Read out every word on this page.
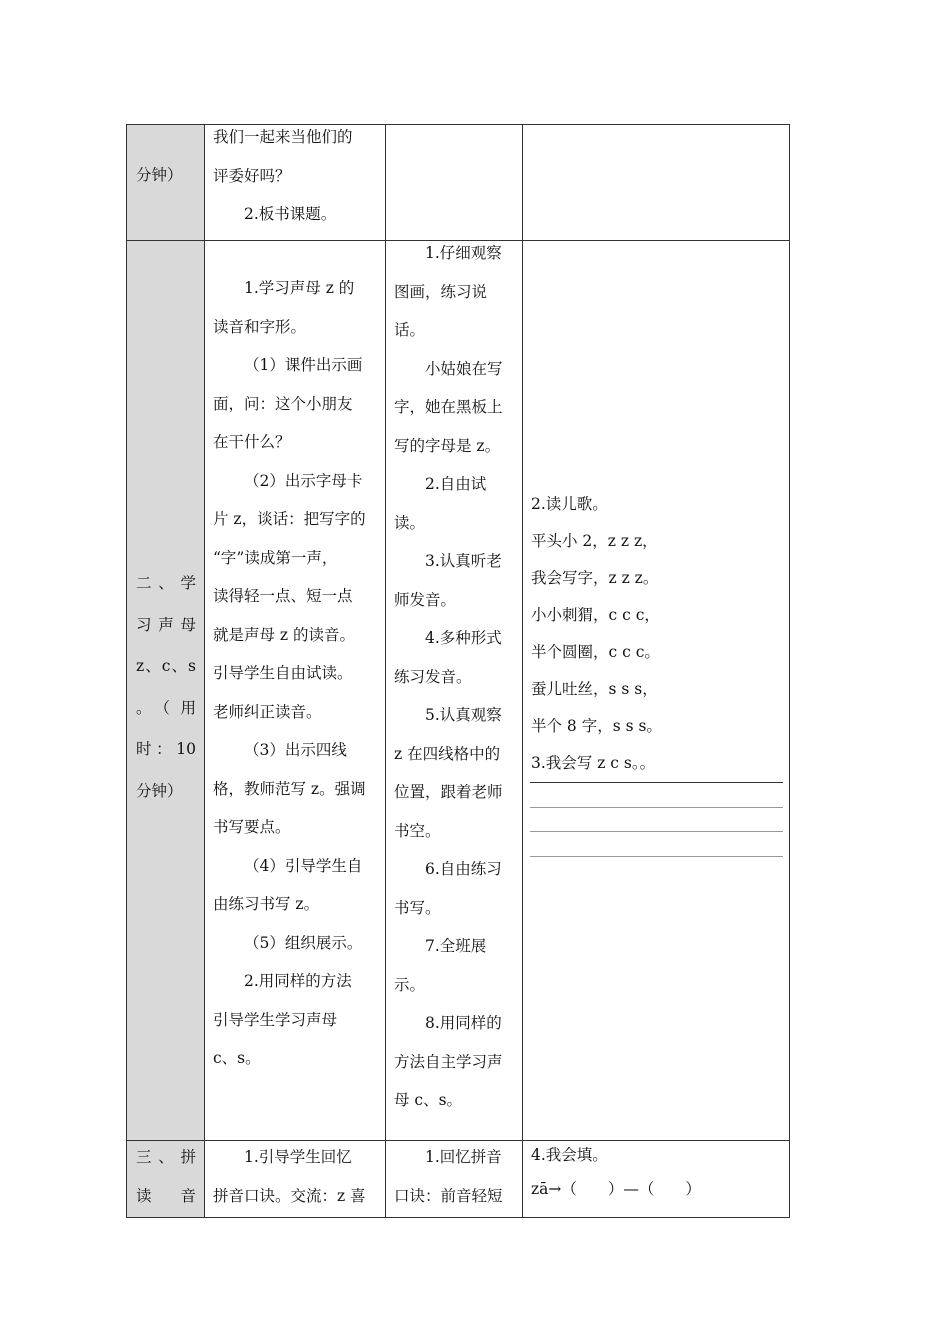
分钟）

我们一起来当他们的

评委好吗？

2.板书课题。

二、学

习声母

z、c、s

。（用

时：10

分钟）

1.学习声母 z 的

读音和字形。

（1）课件出示画

面，问：这个小朋友

在干什么？

（2）出示字母卡

片 z，谈话：把写字的

“字”读成第一声，

读得轻一点、短一点

就是声母 z 的读音。

引导学生自由试读。

老师纠正读音。

（3）出示四线

格，教师范写 z。强调

书写要点。

（4）引导学生自

由练习书写 z。

（5）组织展示。

2.用同样的方法

引导学生学习声母

c、s。

1.仔细观察

图画，练习说

话。

小姑娘在写

字，她在黑板上

写的字母是 z。

2.自由试

读。

3.认真听老

师发音。

4.多种形式

练习发音。

5.认真观察

z 在四线格中的

位置，跟着老师

书空。

6.自由练习

书写。

7.全班展

示。

8.用同样的

方法自主学习声

母 c、s。

2.读儿歌。

平头小 2，z z z，

我会写字，z z z。

小小刺猬，c c c，

半个圆圈，c c c。

蚕儿吐丝，s s s，

半个 8 字，s s s。

3.我会写 z c s。。

三、拼

读音

1.引导学生回忆

拼音口诀。交流：z 喜

1.回忆拼音

口诀：前音轻短

4.我会填。

zā→（　　）—（　　）
